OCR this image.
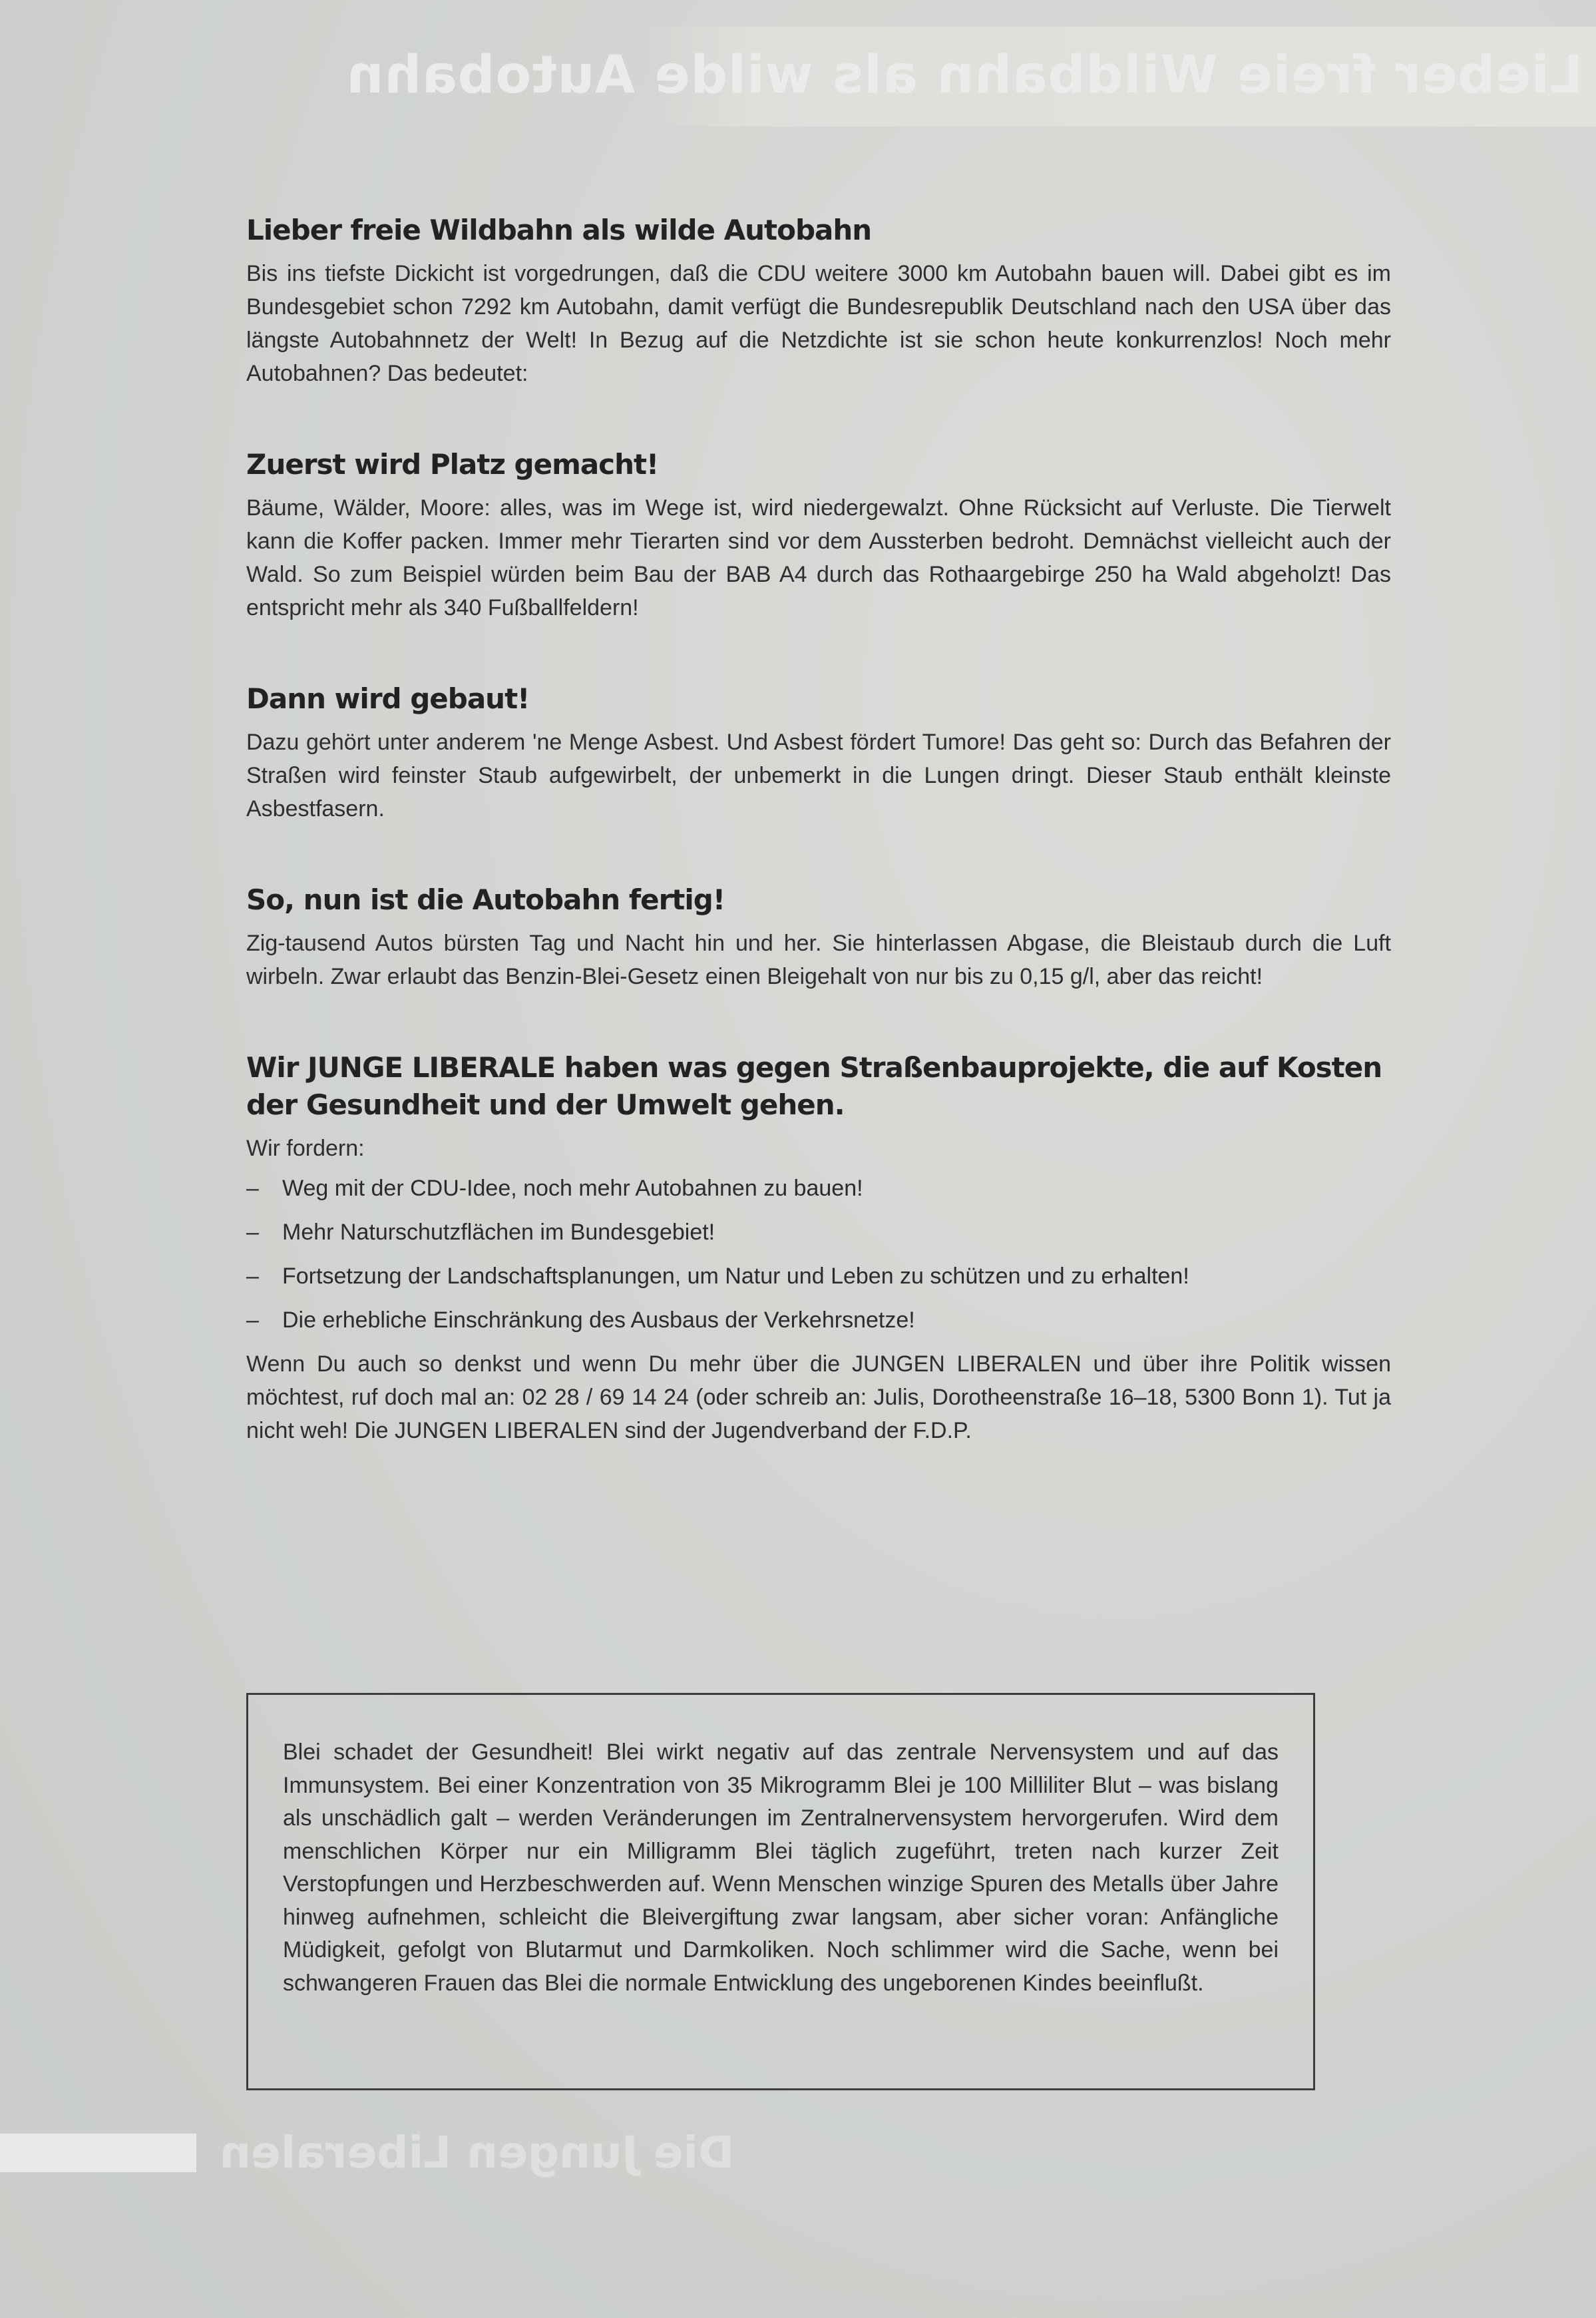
Lieber freie Wildbahn als wilde Autobahn
Die Jungen Liberalen
Lieber freie Wildbahn als wilde Autobahn

Bis ins tiefste Dickicht ist vorgedrungen, daß die CDU weitere 3000 km Autobahn bauen will. Dabei gibt es im Bundesgebiet schon 7292 km Autobahn, damit verfügt die Bundesrepublik Deutschland nach den USA über das längste Autobahnnetz der Welt! In Bezug auf die Netzdichte ist sie schon heute konkurrenzlos! Noch mehr Autobahnen? Das bedeutet:

Zuerst wird Platz gemacht!

Bäume, Wälder, Moore: alles, was im Wege ist, wird niedergewalzt. Ohne Rücksicht auf Verluste. Die Tierwelt kann die Koffer packen. Immer mehr Tierarten sind vor dem Aussterben bedroht. Demnächst vielleicht auch der Wald. So zum Beispiel würden beim Bau der BAB A4 durch das Rothaargebirge 250 ha Wald abgeholzt! Das entspricht mehr als 340 Fußballfeldern!

Dann wird gebaut!

Dazu gehört unter anderem 'ne Menge Asbest. Und Asbest fördert Tumore! Das geht so: Durch das Befahren der Straßen wird feinster Staub aufgewirbelt, der unbemerkt in die Lungen dringt. Dieser Staub enthält kleinste Asbestfasern.

So, nun ist die Autobahn fertig!

Zig-tausend Autos bürsten Tag und Nacht hin und her. Sie hinterlassen Abgase, die Bleistaub durch die Luft wirbeln. Zwar erlaubt das Benzin-Blei-Gesetz einen Bleigehalt von nur bis zu 0,15 g/l, aber das reicht!

Wir JUNGE LIBERALE haben was gegen Straßenbauprojekte, die auf Kosten der Gesundheit und der Umwelt gehen.

Wir fordern:

–	Weg mit der CDU-Idee, noch mehr Autobahnen zu bauen!
–	Mehr Naturschutzflächen im Bundesgebiet!
–	Fortsetzung der Landschaftsplanungen, um Natur und Leben zu schützen und zu erhalten!
–	Die erhebliche Einschränkung des Ausbaus der Verkehrsnetze!

Wenn Du auch so denkst und wenn Du mehr über die JUNGEN LIBERALEN und über ihre Politik wissen möchtest, ruf doch mal an: 02 28 / 69 14 24 (oder schreib an: Julis, Dorotheenstraße 16–18, 5300 Bonn 1). Tut ja nicht weh! Die JUNGEN LIBERALEN sind der Jugendverband der F.D.P.

Blei schadet der Gesundheit! Blei wirkt negativ auf das zentrale Nervensystem und auf das Immunsystem. Bei einer Konzentration von 35 Mikrogramm Blei je 100 Milliliter Blut – was bislang als unschädlich galt – werden Veränderungen im Zentralnervensystem hervorgerufen. Wird dem menschlichen Körper nur ein Milligramm Blei täglich zugeführt, treten nach kurzer Zeit Verstopfungen und Herzbeschwerden auf. Wenn Menschen winzige Spuren des Metalls über Jahre hinweg aufnehmen, schleicht die Bleivergiftung zwar langsam, aber sicher voran: Anfängliche Müdigkeit, gefolgt von Blutarmut und Darmkoliken. Noch schlimmer wird die Sache, wenn bei schwangeren Frauen das Blei die normale Entwicklung des ungeborenen Kindes beeinflußt.
